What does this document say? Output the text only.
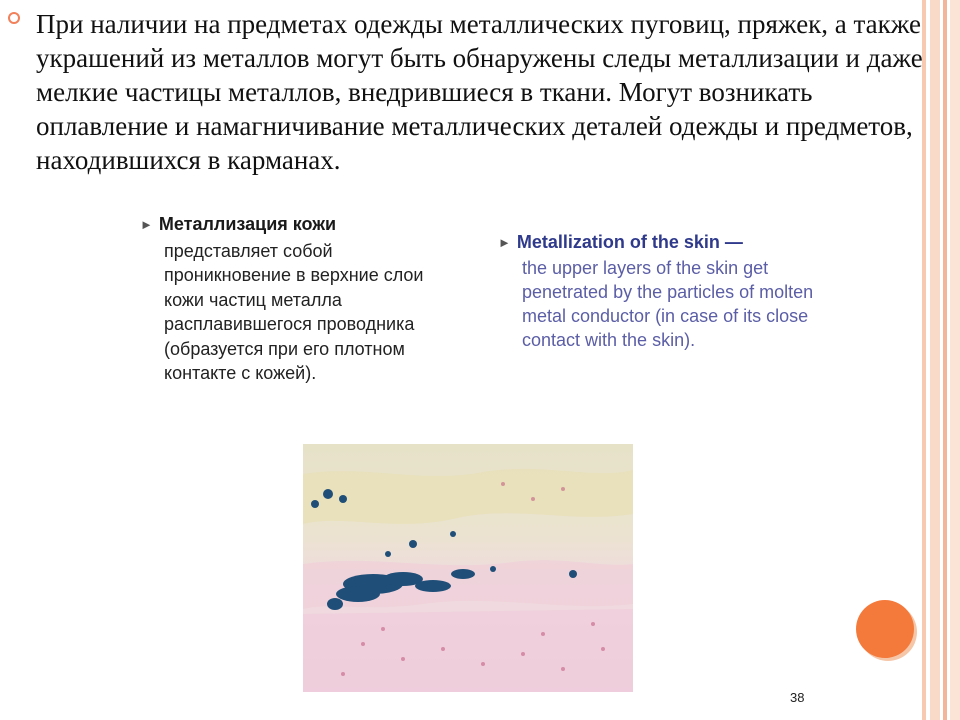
При наличии на предметах одежды металлических пуговиц, пряжек, а также украшений из металлов могут быть обнаружены следы металлизации и даже мелкие частицы металлов, внедрившиеся в ткани. Могут возникать оплавление и намагничивание металлических деталей одежды и предметов, находившихся в карманах.
► Металлизация кожи
представляет собой проникновение в верхние слои кожи частиц металла расплавившегося проводника (образуется при его плотном контакте с кожей).
► Metallization of the skin —
the upper layers of the skin get penetrated by the particles of molten metal conductor (in case of its close contact with the skin).
38
